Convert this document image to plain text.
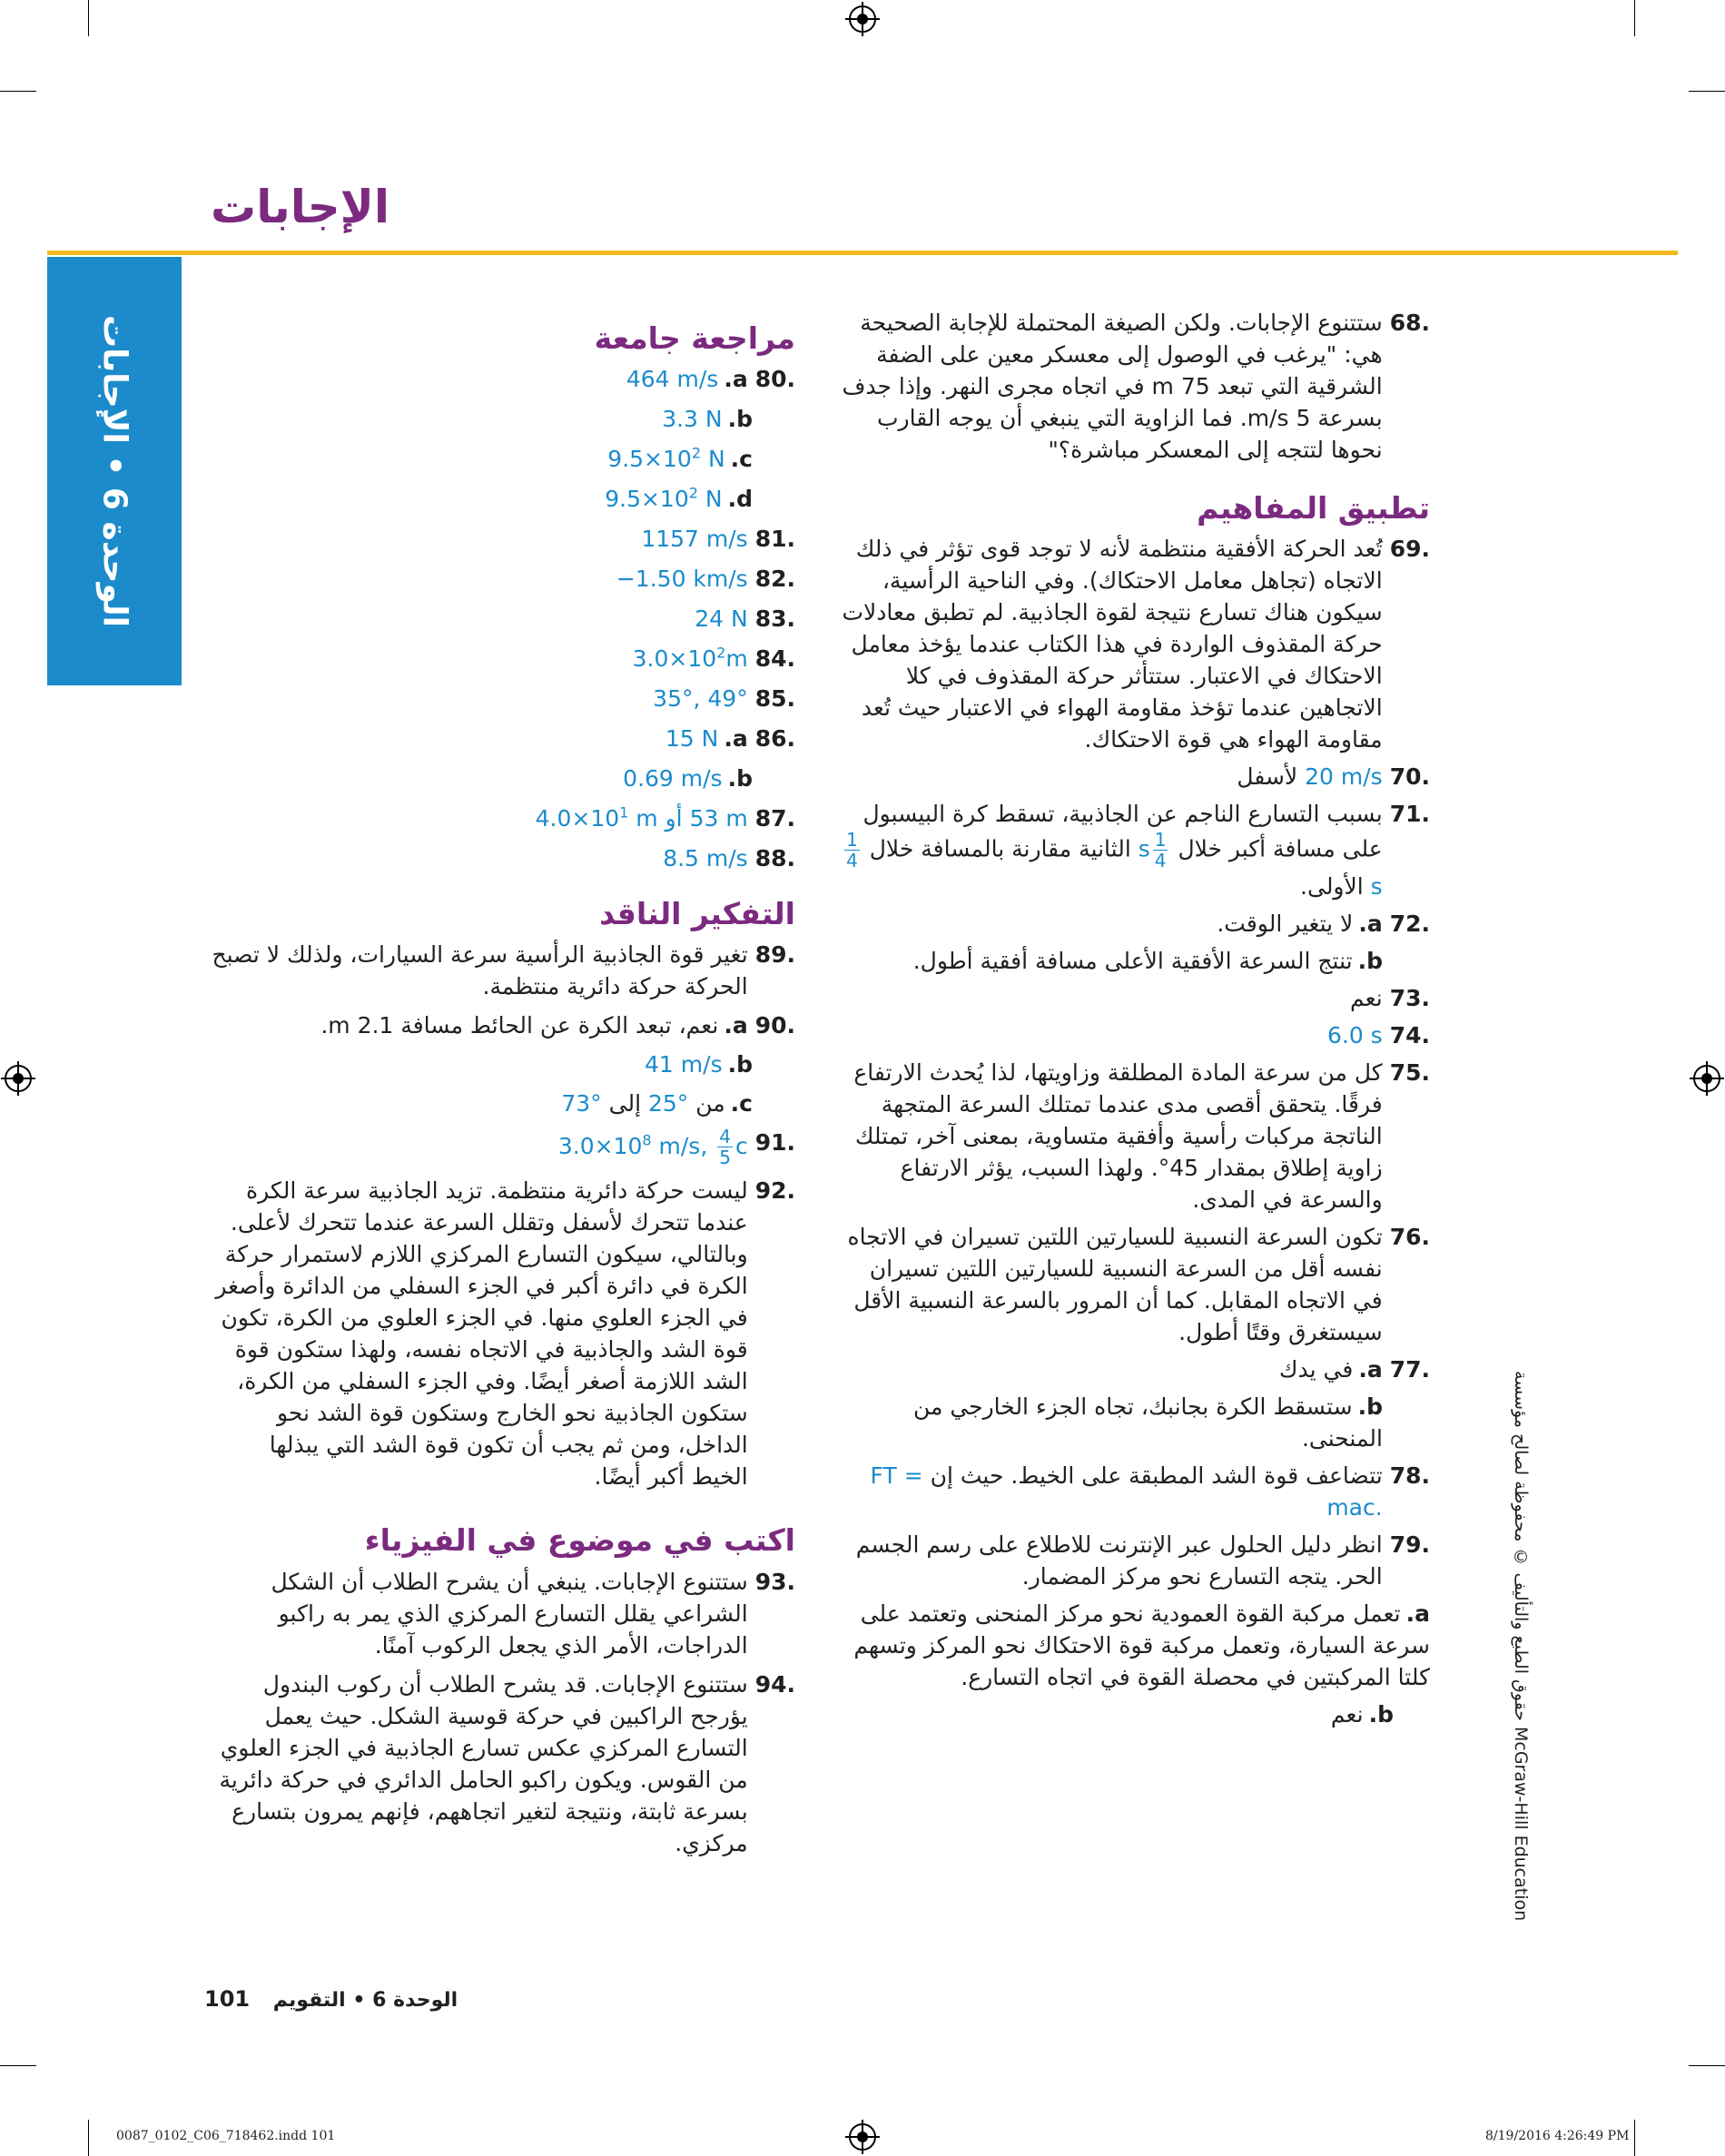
الإجابات
الوحدة 6 • الإجابات
.68
ستتنوع الإجابات. ولكن الصيغة المحتملة للإجابة الصحيحة هي: "يرغب في الوصول إلى معسكر معين على الضفة الشرقية التي تبعد 75 m في اتجاه مجرى النهر. وإذا جدف بسرعة 5 m/s. فما الزاوية التي ينبغي أن يوجه القارب نحوها لتتجه إلى المعسكر مباشرة؟"
تطبيق المفاهيم
.69
تُعد الحركة الأفقية منتظمة لأنه لا توجد قوى تؤثر في ذلك الاتجاه (تجاهل معامل الاحتكاك). وفي الناحية الرأسية، سيكون هناك تسارع نتيجة لقوة الجاذبية. لم تطبق معادلات حركة المقذوف الواردة في هذا الكتاب عندما يؤخذ معامل الاحتكاك في الاعتبار. ستتأثر حركة المقذوف في كلا الاتجاهين عندما تؤخذ مقاومة الهواء في الاعتبار حيث تُعد مقاومة الهواء هي قوة الاحتكاك.
.70
20 m/s لأسفل
.71
بسبب التسارع الناجم عن الجاذبية، تسقط كرة البيسبول على مسافة أكبر خلال
$\frac{1}{4}$
s الثانية مقارنة بالمسافة خلال
$\frac{1}{4}$
s الأولى.
.72
a.لا يتغير الوقت.
b.تنتج السرعة الأفقية الأعلى مسافة أفقية أطول.
.73
نعم
.74
6.0 s
.75
كل من سرعة المادة المطلقة وزاويتها، لذا يُحدث الارتفاع فرقًا. يتحقق أقصى مدى عندما تمتلك السرعة المتجهة الناتجة مركبات رأسية وأفقية متساوية، بمعنى آخر، تمتلك زاوية إطلاق بمقدار 45°. ولهذا السبب، يؤثر الارتفاع والسرعة في المدى.
.76
تكون السرعة النسبية للسيارتين اللتين تسيران في الاتجاه نفسه أقل من السرعة النسبية للسيارتين اللتين تسيران في الاتجاه المقابل. كما أن المرور بالسرعة النسبية الأقل سيستغرق وقتًا أطول.
.77
a.في يدك
b.ستسقط الكرة بجانبك، تجاه الجزء الخارجي من المنحنى.
.78
تتضاعف قوة الشد المطبقة على الخيط. حيث إن FT = mac.
.79
انظر دليل الحلول عبر الإنترنت للاطلاع على رسم الجسم الحر. يتجه التسارع نحو مركز المضمار.
a.تعمل مركبة القوة العمودية نحو مركز المنحنى وتعتمد على سرعة السيارة، وتعمل مركبة قوة الاحتكاك نحو المركز وتسهم كلتا المركبتين في محصلة القوة في اتجاه التسارع.
b.نعم
مراجعة جامعة
.80
a.464 m/s
b.3.3 N
$c.9.5\times 10^2$ N
$d.9.5\times 10^2$ N
.81
1157 m/s
.82
−1.50 km/s
.83
24 N
.84
$3.0\times 10^2m$
.85
35°, 49°
.86
a.15 N
b.0.69 m/s
.87
53 m أو $4.0\times 10^1$ m
.88
8.5 m/s
التفكير الناقد
.89
تغير قوة الجاذبية الرأسية سرعة السيارات، ولذلك لا تصبح الحركة حركة دائرية منتظمة.
.90
a.نعم، تبعد الكرة عن الحائط مسافة 2.1 m.
b.41 m/s
c.من 25° إلى 73°
.91
$3.0\times 10^8$ m/s, $\frac{4}{5}$ c
.92
ليست حركة دائرية منتظمة. تزيد الجاذبية سرعة الكرة عندما تتحرك لأسفل وتقلل السرعة عندما تتحرك لأعلى. وبالتالي، سيكون التسارع المركزي اللازم لاستمرار حركة الكرة في دائرة أكبر في الجزء السفلي من الدائرة وأصغر في الجزء العلوي منها. في الجزء العلوي من الكرة، تكون قوة الشد والجاذبية في الاتجاه نفسه، ولهذا ستكون قوة الشد اللازمة أصغر أيضًا. وفي الجزء السفلي من الكرة، ستكون الجاذبية نحو الخارج وستكون قوة الشد نحو الداخل، ومن ثم يجب أن تكون قوة الشد التي يبذلها الخيط أكبر أيضًا.
اكتب في موضوع في الفيزياء
.93
ستتنوع الإجابات. ينبغي أن يشرح الطلاب أن الشكل الشراعي يقلل التسارع المركزي الذي يمر به راكبو الدراجات، الأمر الذي يجعل الركوب آمنًا.
.94
ستتنوع الإجابات. قد يشرح الطلاب أن ركوب البندول يؤرجح الراكبين في حركة قوسية الشكل. حيث يعمل التسارع المركزي عكس تسارع الجاذبية في الجزء العلوي من القوس. ويكون راكبو الحامل الدائري في حركة دائرية بسرعة ثابتة، ونتيجة لتغير اتجاههم، فإنهم يمرون بتسارع مركزي.
حقوق الطبع والتأليف © محفوظة لصالح مؤسسة McGraw-Hill Education
الوحدة 6 • التقويم 101
0087_0102_C06_718462.indd 101	8/19/2016 4:26:49 PM
